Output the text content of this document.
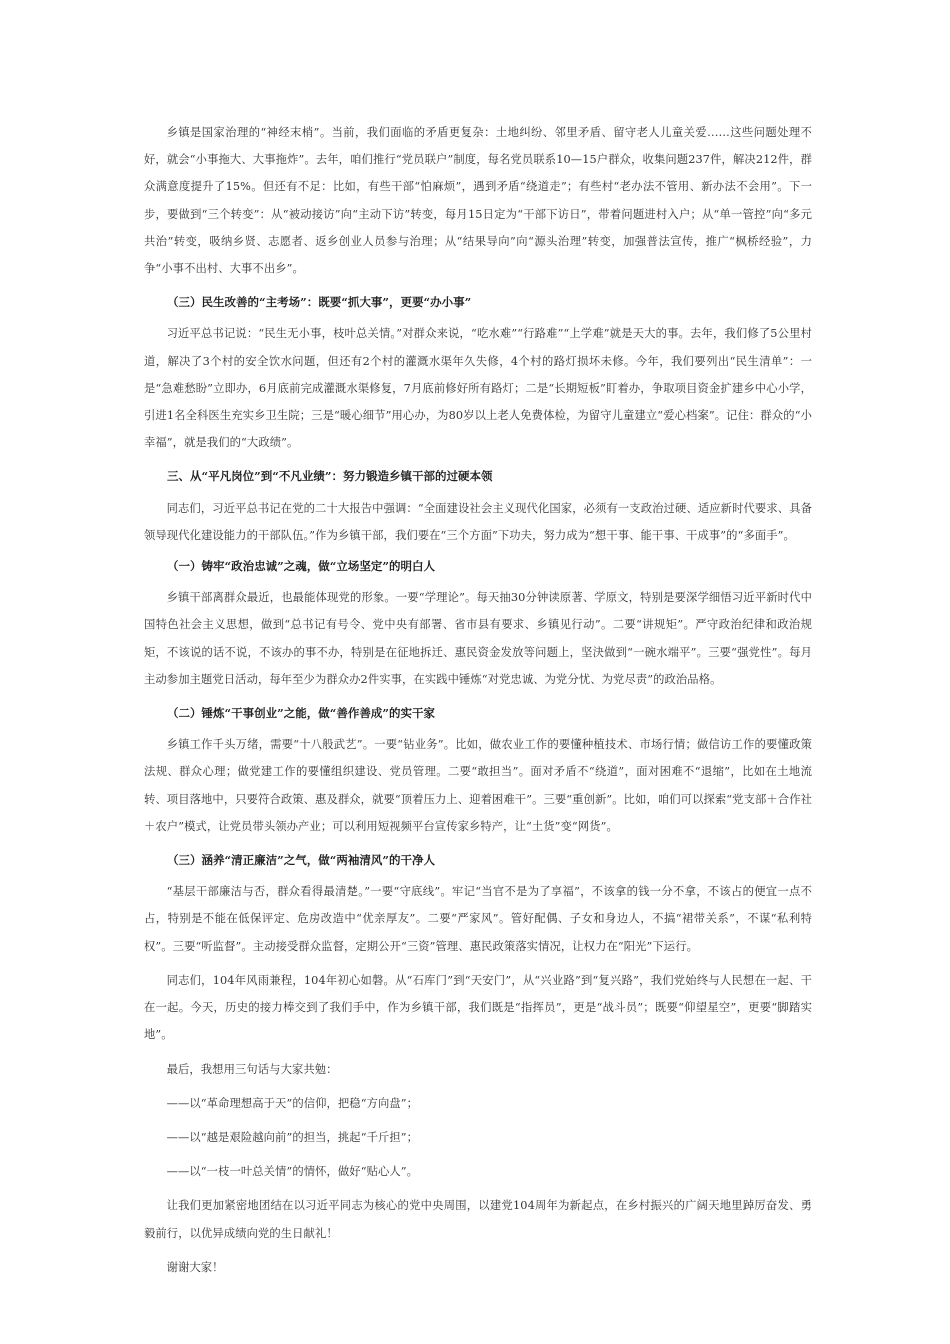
乡镇是国家治理的“神经末梢”。当前，我们面临的矛盾更复杂：土地纠纷、邻里矛盾、留守老人儿童关爱……这些问题处理不好，就会“小事拖大、大事拖炸”。去年，咱们推行“党员联户”制度，每名党员联系10—15户群众，收集问题237件，解决212件，群众满意度提升了15%。但还有不足：比如，有些干部“怕麻烦”，遇到矛盾“绕道走”；有些村“老办法不管用、新办法不会用”。下一步，要做到“三个转变”：从“被动接访”向“主动下访”转变，每月15日定为“干部下访日”，带着问题进村入户；从“单一管控”向“多元共治”转变，吸纳乡贤、志愿者、返乡创业人员参与治理；从“结果导向”向“源头治理”转变，加强普法宣传，推广“枫桥经验”，力争“小事不出村、大事不出乡”。

（三）民生改善的“主考场”：既要“抓大事”，更要“办小事”

习近平总书记说：“民生无小事，枝叶总关情。”对群众来说，“吃水难”“行路难”“上学难”就是天大的事。去年，我们修了5公里村道，解决了3个村的安全饮水问题，但还有2个村的灌溉水渠年久失修，4个村的路灯损坏未修。今年，我们要列出“民生清单”：一是“急难愁盼”立即办，6月底前完成灌溉水渠修复，7月底前修好所有路灯；二是“长期短板”盯着办，争取项目资金扩建乡中心小学，引进1名全科医生充实乡卫生院；三是“暖心细节”用心办，为80岁以上老人免费体检，为留守儿童建立“爱心档案”。记住：群众的“小幸福”，就是我们的“大政绩”。

三、从“平凡岗位”到“不凡业绩”：努力锻造乡镇干部的过硬本领

同志们，习近平总书记在党的二十大报告中强调：“全面建设社会主义现代化国家，必须有一支政治过硬、适应新时代要求、具备领导现代化建设能力的干部队伍。”作为乡镇干部，我们要在“三个方面”下功夫，努力成为“想干事、能干事、干成事”的“多面手”。

（一）铸牢“政治忠诚”之魂，做“立场坚定”的明白人

乡镇干部离群众最近，也最能体现党的形象。一要“学理论”。每天抽30分钟读原著、学原文，特别是要深学细悟习近平新时代中国特色社会主义思想，做到“总书记有号令、党中央有部署、省市县有要求、乡镇见行动”。二要“讲规矩”。严守政治纪律和政治规矩，不该说的话不说，不该办的事不办，特别是在征地拆迁、惠民资金发放等问题上，坚決做到“一碗水端平”。三要“强党性”。每月主动参加主题党日活动，每年至少为群众办2件实事，在实践中锤炼“对党忠诚、为党分忧、为党尽责”的政治品格。

（二）锤炼“干事创业”之能，做“善作善成”的实干家

乡镇工作千头万绪，需要“十八般武艺”。一要“钻业务”。比如，做农业工作的要懂种植技术、市场行情；做信访工作的要懂政策法规、群众心理；做党建工作的要懂组织建设、党员管理。二要“敢担当”。面对矛盾不“绕道”，面对困难不“退缩”，比如在土地流转、项目落地中，只要符合政策、惠及群众，就要“顶着压力上、迎着困难干”。三要“重创新”。比如，咱们可以探索“党支部＋合作社＋农户”模式，让党员带头领办产业；可以利用短视频平台宣传家乡特产，让“土货”变“网货”。

（三）涵养“清正廉洁”之气，做“两袖清风”的干净人

“基层干部廉洁与否，群众看得最清楚。”一要“守底线”。牢记“当官不是为了享福”，不该拿的钱一分不拿，不该占的便宜一点不占，特别是不能在低保评定、危房改造中“优亲厚友”。二要“严家风”。管好配偶、子女和身边人，不搞“裙带关系”，不谋“私利特权”。三要“听监督”。主动接受群众监督，定期公开“三资”管理、惠民政策落实情况，让权力在“阳光”下运行。

同志们，104年风雨兼程，104年初心如磐。从“石库门”到“天安门”，从“兴业路”到“复兴路”，我们党始终与人民想在一起、干在一起。今天，历史的接力棒交到了我们手中，作为乡镇干部，我们既是“指挥员”，更是“战斗员”；既要“仰望星空”，更要“脚踏实地”。

最后，我想用三句话与大家共勉：

——以“革命理想高于天”的信仰，把稳“方向盘”；

——以“越是艰险越向前”的担当，挑起“千斤担”；

——以“一枝一叶总关情”的情怀，做好“贴心人”。

让我们更加紧密地团结在以习近平同志为核心的党中央周围，以建党104周年为新起点，在乡村振兴的广阔天地里踔厉奋发、勇毅前行，以优异成绩向党的生日献礼！

谢谢大家！
